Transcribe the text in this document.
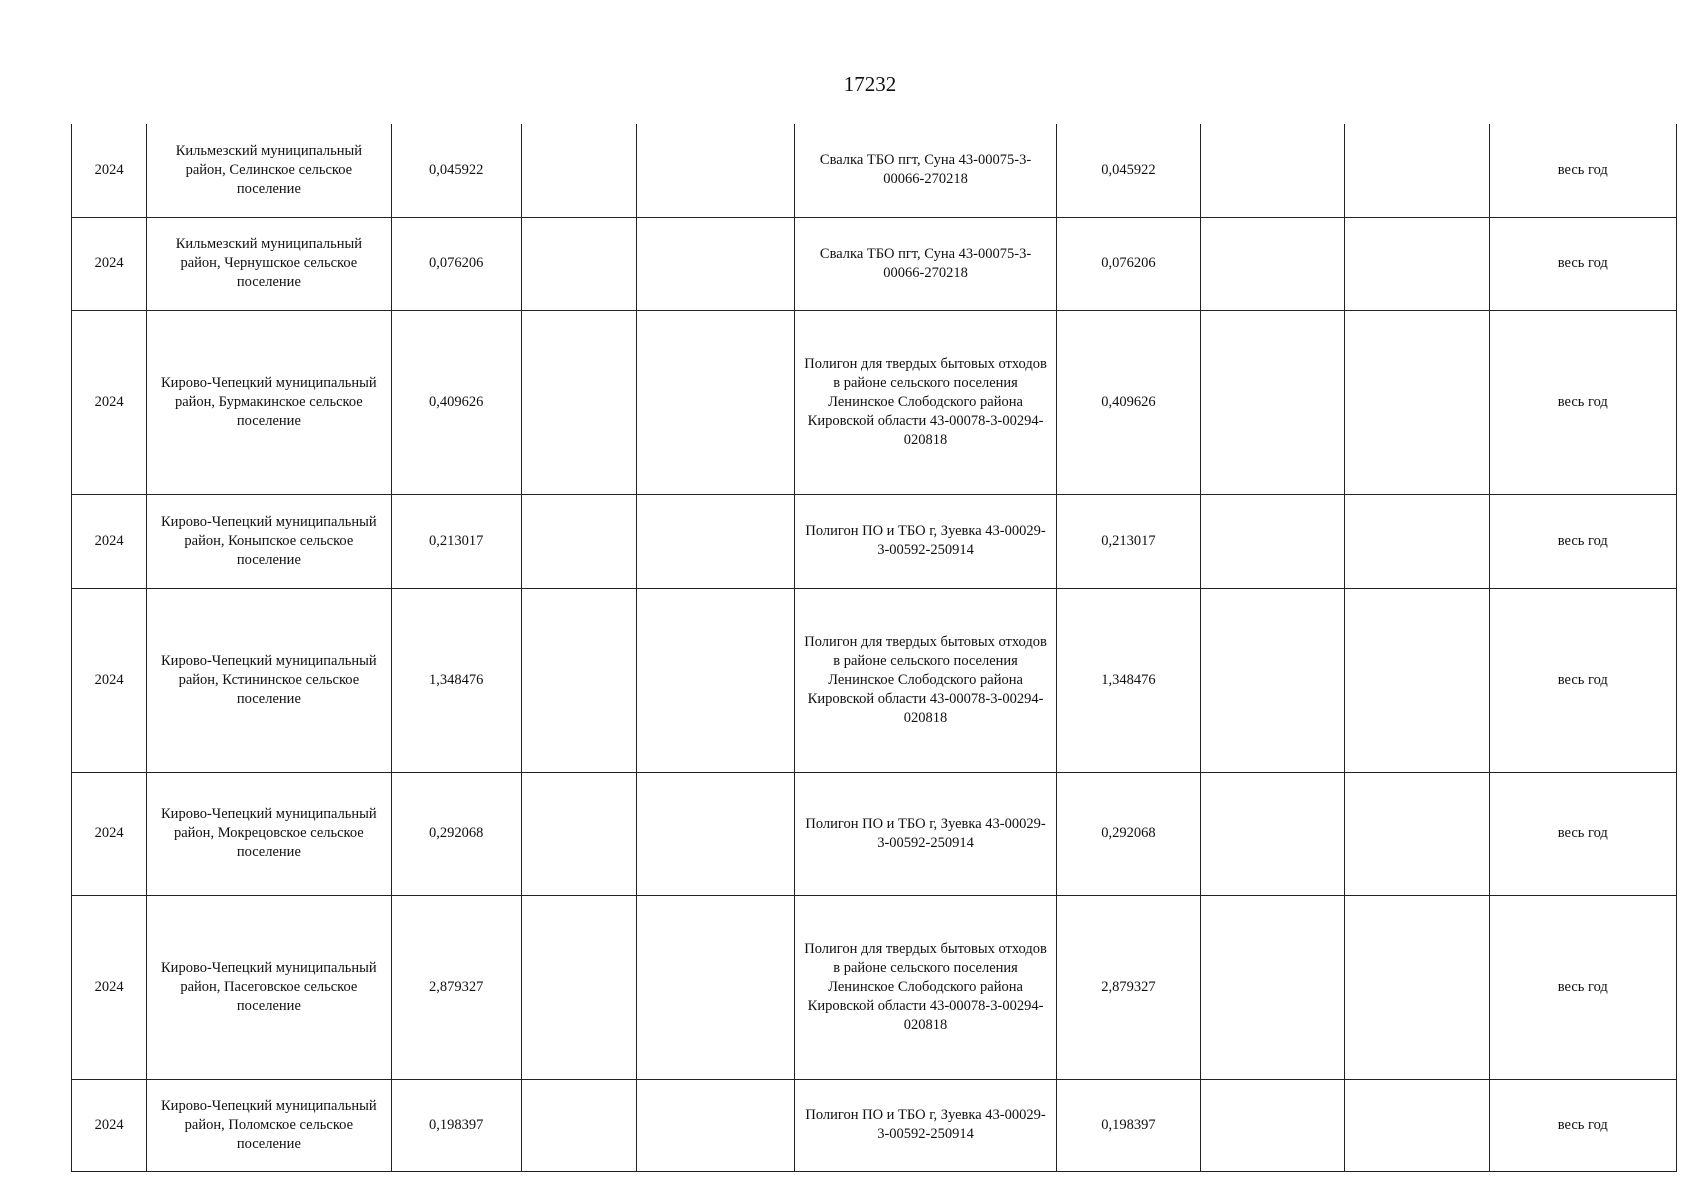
17232
2024	Кильмезский муниципальный район, Селинское сельское поселение	0,045922			Свалка ТБО пгт, Суна 43-00075-3-00066-270218	0,045922			весь год
2024	Кильмезский муниципальный район, Чернушское сельское поселение	0,076206			Свалка ТБО пгт, Суна 43-00075-3-00066-270218	0,076206			весь год
2024	Кирово-Чепецкий муниципальный район, Бурмакинское сельское поселение	0,409626			Полигон для твердых бытовых отходов в районе сельского поселения Ленинское Слободского района Кировской области 43-00078-3-00294-020818	0,409626			весь год
2024	Кирово-Чепецкий муниципальный район, Коныпское сельское поселение	0,213017			Полигон ПО и ТБО г, Зуевка 43-00029-3-00592-250914	0,213017			весь год
2024	Кирово-Чепецкий муниципальный район, Кстининское сельское поселение	1,348476			Полигон для твердых бытовых отходов в районе сельского поселения Ленинское Слободского района Кировской области 43-00078-3-00294-020818	1,348476			весь год
2024	Кирово-Чепецкий муниципальный район, Мокрецовское сельское поселение	0,292068			Полигон ПО и ТБО г, Зуевка 43-00029-3-00592-250914	0,292068			весь год
2024	Кирово-Чепецкий муниципальный район, Пасеговское сельское поселение	2,879327			Полигон для твердых бытовых отходов в районе сельского поселения Ленинское Слободского района Кировской области 43-00078-3-00294-020818	2,879327			весь год
2024	Кирово-Чепецкий муниципальный район, Поломское сельское поселение	0,198397			Полигон ПО и ТБО г, Зуевка 43-00029-3-00592-250914	0,198397			весь год
